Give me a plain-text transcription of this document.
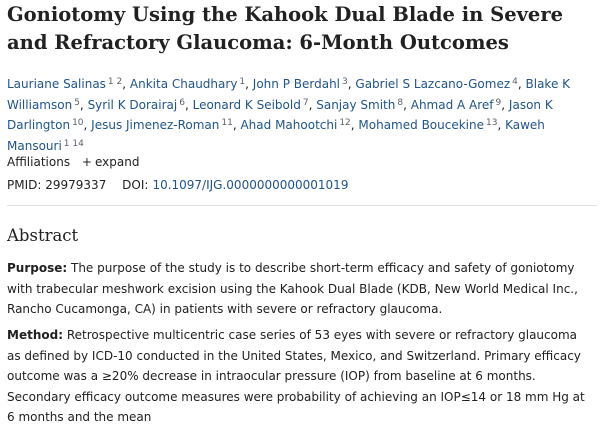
Goniotomy Using the Kahook Dual Blade in Severe and Refractory Glaucoma: 6-Month Outcomes
Lauriane Salinas $^{1 2}$, Ankita Chaudhary $^1$, John P Berdahl $^3$, Gabriel S Lazcano-Gomez $^4$, Blake K Williamson $^5$, Syril K Dorairaj $^6$, Leonard K Seibold $^7$, Sanjay Smith $^8$, Ahmad A Aref $^9$, Jason K Darlington $^{10}$, Jesus Jimenez-Roman $^{11}$, Ahad Mahootchi $^{12}$, Mohamed Boucekine $^{13}$, Kaweh Mansouri $^{1 14}$
Affiliations + expand
PMID: 29979337 DOI: 10.1097/IJG.0000000000001019
Abstract

Purpose: The purpose of the study is to describe short-term efficacy and safety of goniotomy with trabecular meshwork excision using the Kahook Dual Blade (KDB, New World Medical Inc., Rancho Cucamonga, CA) in patients with severe or refractory glaucoma.

Method: Retrospective multicentric case series of 53 eyes with severe or refractory glaucoma as defined by ICD-10 conducted in the United States, Mexico, and Switzerland. Primary efficacy outcome was a ≥20% decrease in intraocular pressure (IOP) from baseline at 6 months. Secondary efficacy outcome measures were probability of achieving an IOP≤14 or 18 mm Hg at 6 months and the mean
